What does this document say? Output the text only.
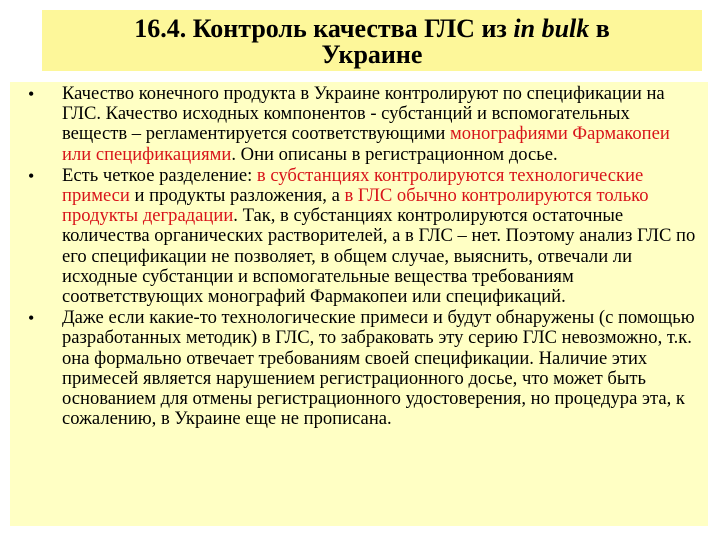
16.4. Контроль качества ГЛС из in bulk в
Украине
• Качество конечного продукта в Украине контролируют по спецификации на ГЛС. Качество исходных компонентов - субстанций и вспомогательных веществ – регламентируется соответствующими монографиями Фармакопеи или спецификациями. Они описаны в регистрационном досье.
• Есть четкое разделение: в субстанциях контролируются технологические примеси и продукты разложения, а в ГЛС обычно контролируются только продукты деградации. Так, в субстанциях контролируются остаточные количества органических растворителей, а в ГЛС – нет. Поэтому анализ ГЛС по его спецификации не позволяет, в общем случае, выяснить, отвечали ли исходные субстанции и вспомогательные вещества требованиям соответствующих монографий Фармакопеи или спецификаций.
• Даже если какие-то технологические примеси и будут обнаружены (с помощью разработанных методик) в ГЛС, то забраковать эту серию ГЛС невозможно, т.к. она формально отвечает требованиям своей спецификации. Наличие этих примесей является нарушением регистрационного досье, что может быть основанием для отмены регистрационного удостоверения, но процедура эта, к сожалению, в Украине еще не прописана.
